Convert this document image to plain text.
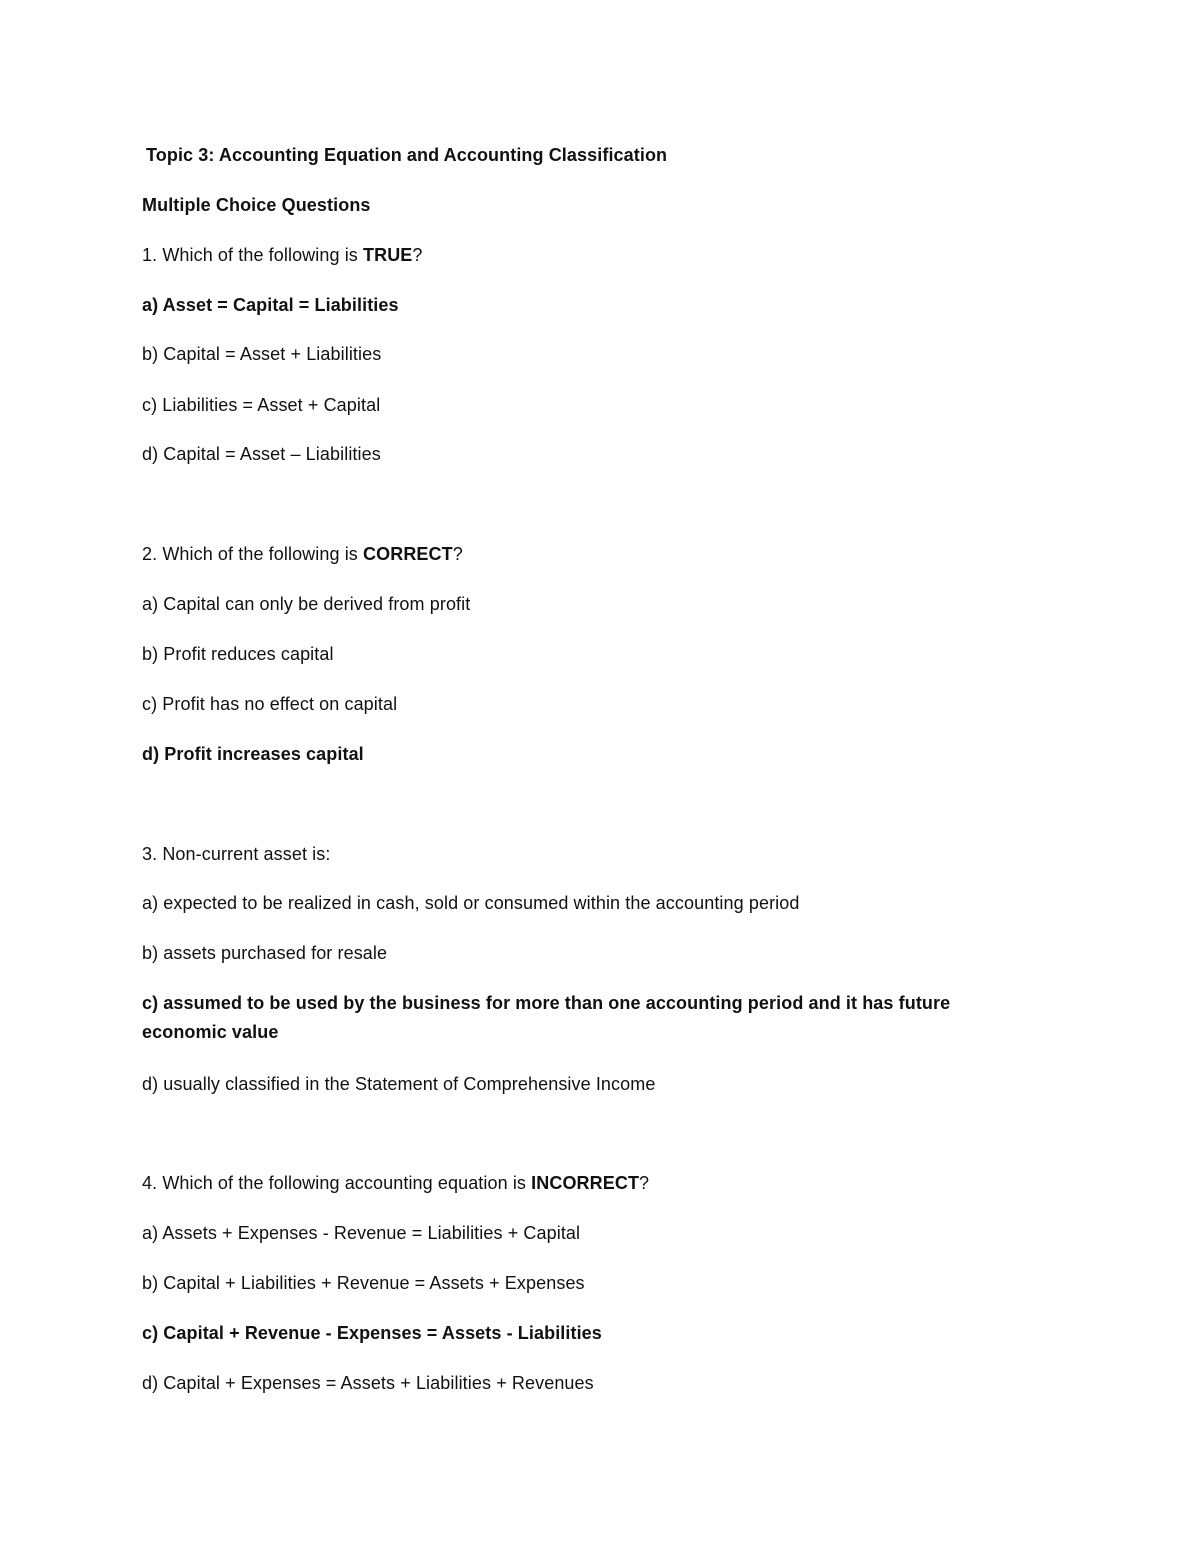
Topic 3: Accounting Equation and Accounting Classification
Multiple Choice Questions
1. Which of the following is TRUE?
a) Asset = Capital = Liabilities
b) Capital = Asset + Liabilities
c) Liabilities = Asset + Capital
d) Capital = Asset – Liabilities
2. Which of the following is CORRECT?
a) Capital can only be derived from profit
b) Profit reduces capital
c) Profit has no effect on capital
d) Profit increases capital
3. Non-current asset is:
a) expected to be realized in cash, sold or consumed within the accounting period
b) assets purchased for resale
c) assumed to be used by the business for more than one accounting period and it has future economic value
d) usually classified in the Statement of Comprehensive Income
4. Which of the following accounting equation is INCORRECT?
a) Assets + Expenses - Revenue = Liabilities + Capital
b) Capital + Liabilities + Revenue = Assets + Expenses
c) Capital + Revenue - Expenses = Assets - Liabilities
d) Capital + Expenses = Assets + Liabilities + Revenues
